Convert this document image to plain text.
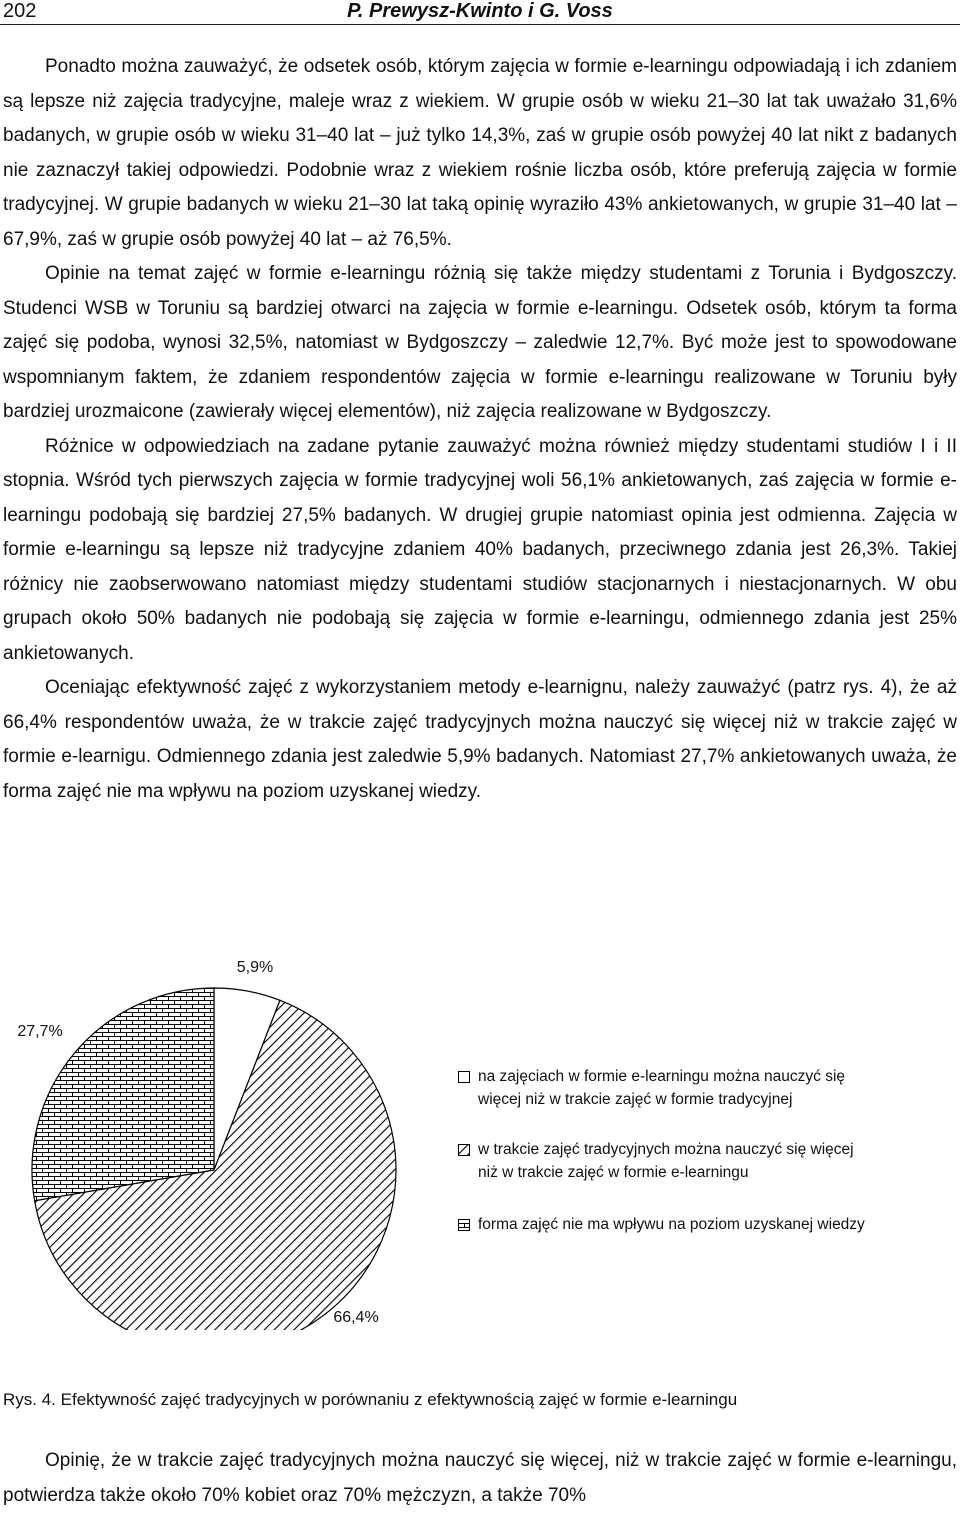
202	P. Prewysz-Kwinto i G. Voss

Ponadto można zauważyć, że odsetek osób, którym zajęcia w formie e-learningu odpowiadają i ich zdaniem są lepsze niż zajęcia tradycyjne, maleje wraz z wiekiem. W grupie osób w wieku 21–30 lat tak uważało 31,6% badanych, w grupie osób w wieku 31–40 lat – już tylko 14,3%, zaś w grupie osób powyżej 40 lat nikt z badanych nie zaznaczył takiej odpowiedzi. Podobnie wraz z wiekiem rośnie liczba osób, które preferują zajęcia w formie tradycyjnej. W grupie badanych w wieku 21–30 lat taką opinię wyraziło 43% ankietowanych, w grupie 31–40 lat – 67,9%, zaś w grupie osób powyżej 40 lat – aż 76,5%.

Opinie na temat zajęć w formie e-learningu różnią się także między studentami z Torunia i Bydgoszczy. Studenci WSB w Toruniu są bardziej otwarci na zajęcia w formie e-learningu. Odsetek osób, którym ta forma zajęć się podoba, wynosi 32,5%, natomiast w Bydgoszczy – zaledwie 12,7%. Być może jest to spowodowane wspomnianym faktem, że zdaniem respondentów zajęcia w formie e-learningu realizowane w Toruniu były bardziej urozmaicone (zawierały więcej elementów), niż zajęcia realizowane w Bydgoszczy.

Różnice w odpowiedziach na zadane pytanie zauważyć można również między studentami studiów I i II stopnia. Wśród tych pierwszych zajęcia w formie tradycyjnej woli 56,1% ankietowanych, zaś zajęcia w formie e-learningu podobają się bardziej 27,5% badanych. W drugiej grupie natomiast opinia jest odmienna. Zajęcia w formie e-learningu są lepsze niż tradycyjne zdaniem 40% badanych, przeciwnego zdania jest 26,3%. Takiej różnicy nie zaobserwowano natomiast między studentami studiów stacjonarnych i niestacjonarnych. W obu grupach około 50% badanych nie podobają się zajęcia w formie e-learningu, odmiennego zdania jest 25% ankietowanych.

Oceniając efektywność zajęć z wykorzystaniem metody e-learnignu, należy zauważyć (patrz rys. 4), że aż 66,4% respondentów uważa, że w trakcie zajęć tradycyjnych można nauczyć się więcej niż w trakcie zajęć w formie e-learnigu. Odmiennego zdania jest zaledwie 5,9% badanych. Natomiast 27,7% ankietowanych uważa, że forma zajęć nie ma wpływu na poziom uzyskanej wiedzy.

5,9%
66,4%
27,7%
na zajęciach w formie e-learningu można nauczyć się
więcej niż w trakcie zajęć w formie tradycyjnej
w trakcie zajęć tradycyjnych można nauczyć się więcej
niż w trakcie zajęć w formie e-learningu
forma zajęć nie ma wpływu na poziom uzyskanej wiedzy
Rys. 4. Efektywność zajęć tradycyjnych w porównaniu z efektywnością zajęć w formie e-learningu

Opinię, że w trakcie zajęć tradycyjnych można nauczyć się więcej, niż w trakcie zajęć w formie e-learningu, potwierdza także około 70% kobiet oraz 70% mężczyzn, a także 70%
